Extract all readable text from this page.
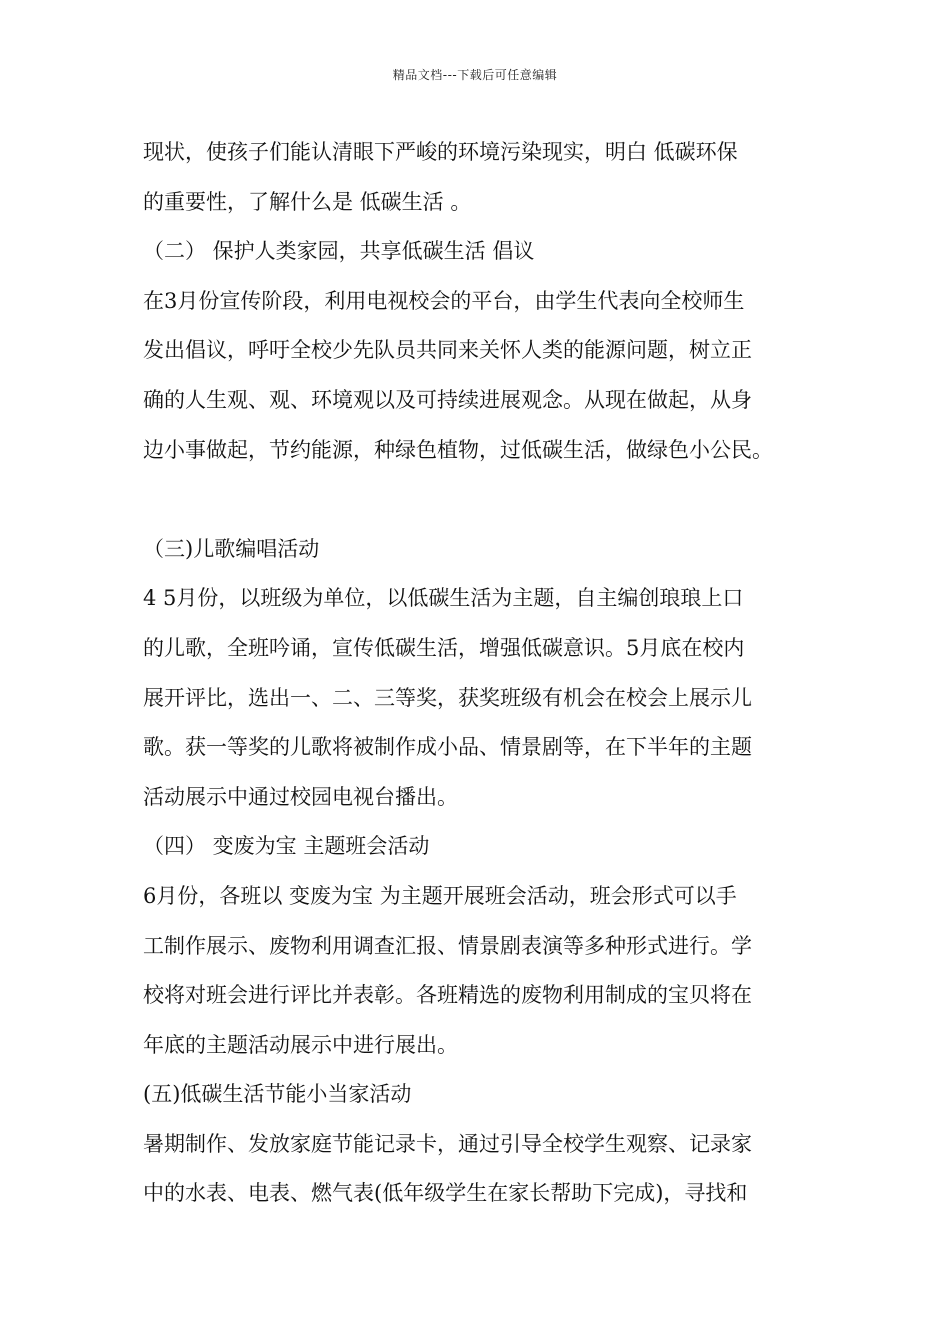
精品文档---下载后可任意编辑
现状，使孩子们能认清眼下严峻的环境污染现实，明白 低碳环保
的重要性，了解什么是 低碳生活 。
（二） 保护人类家园，共享低碳生活 倡议
在3月份宣传阶段，利用电视校会的平台，由学生代表向全校师生
发出倡议，呼吁全校少先队员共同来关怀人类的能源问题，树立正
确的人生观、观、环境观以及可持续进展观念。从现在做起，从身
边小事做起，节约能源，种绿色植物，过低碳生活，做绿色小公民。
（三)儿歌编唱活动
4 5月份，以班级为单位，以低碳生活为主题，自主编创琅琅上口
的儿歌，全班吟诵，宣传低碳生活，增强低碳意识。5月底在校内
展开评比，选出一、二、三等奖，获奖班级有机会在校会上展示儿
歌。获一等奖的儿歌将被制作成小品、情景剧等，在下半年的主题
活动展示中通过校园电视台播出。
（四） 变废为宝 主题班会活动
6月份，各班以 变废为宝 为主题开展班会活动，班会形式可以手
工制作展示、废物利用调查汇报、情景剧表演等多种形式进行。学
校将对班会进行评比并表彰。各班精选的废物利用制成的宝贝将在
年底的主题活动展示中进行展出。
(五)低碳生活节能小当家活动
暑期制作、发放家庭节能记录卡，通过引导全校学生观察、记录家
中的水表、电表、燃气表(低年级学生在家长帮助下完成)，寻找和
